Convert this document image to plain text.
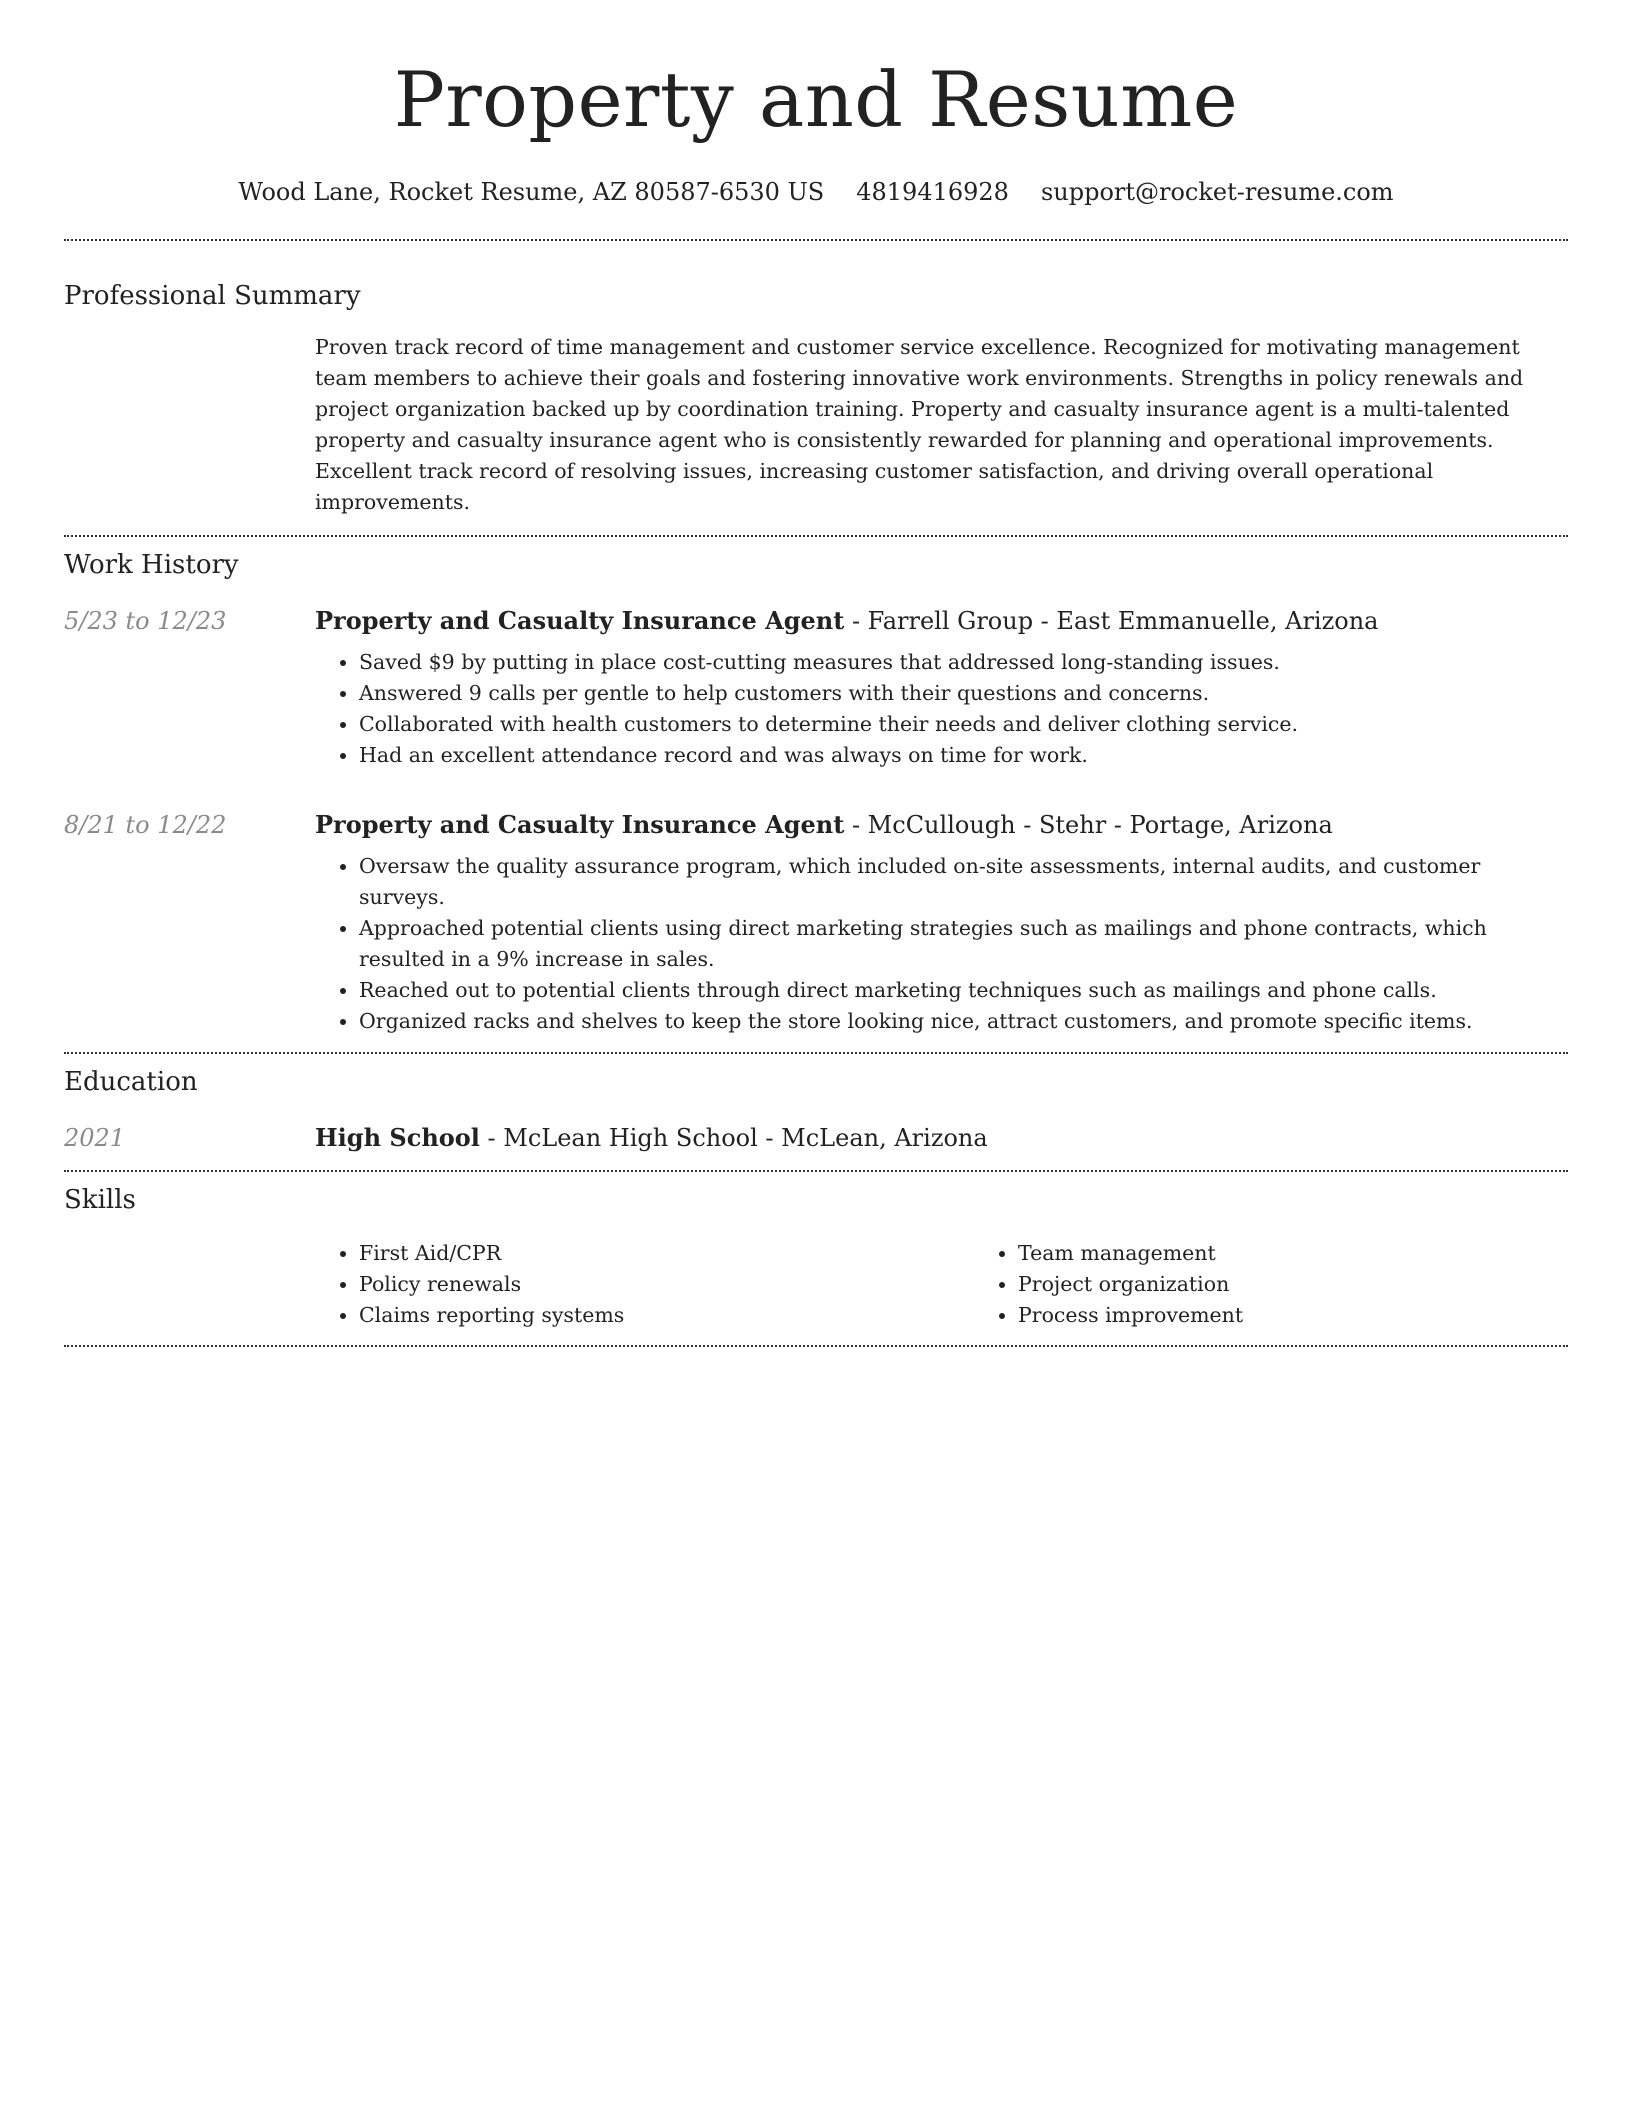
Property and Resume
Wood Lane, Rocket Resume, AZ 80587-6530 US 4819416928 support@rocket-resume.com
Professional Summary

Proven track record of time management and customer service excellence. Recognized for motivating management team members to achieve their goals and fostering innovative work environments. Strengths in policy renewals and project organization backed up by coordination training. Property and casualty insurance agent is a multi-talented property and casualty insurance agent who is consistently rewarded for planning and operational improvements. Excellent track record of resolving issues, increasing customer satisfaction, and driving overall operational improvements.

Work History
5/23 to 12/23	Property and Casualty Insurance Agent - Farrell Group - East Emmanuelle, Arizona
• Saved $9 by putting in place cost-cutting measures that addressed long-standing issues.
• Answered 9 calls per gentle to help customers with their questions and concerns.
• Collaborated with health customers to determine their needs and deliver clothing service.
• Had an excellent attendance record and was always on time for work.
8/21 to 12/22	Property and Casualty Insurance Agent - McCullough - Stehr - Portage, Arizona
• Oversaw the quality assurance program, which included on-site assessments, internal audits, and customer surveys.
• Approached potential clients using direct marketing strategies such as mailings and phone contracts, which resulted in a 9% increase in sales.
• Reached out to potential clients through direct marketing techniques such as mailings and phone calls.
• Organized racks and shelves to keep the store looking nice, attract customers, and promote specific items.
Education
2021	High School - McLean High School - McLean, Arizona
Skills
• First Aid/CPR
• Policy renewals
• Claims reporting systems
• Team management
• Project organization
• Process improvement
